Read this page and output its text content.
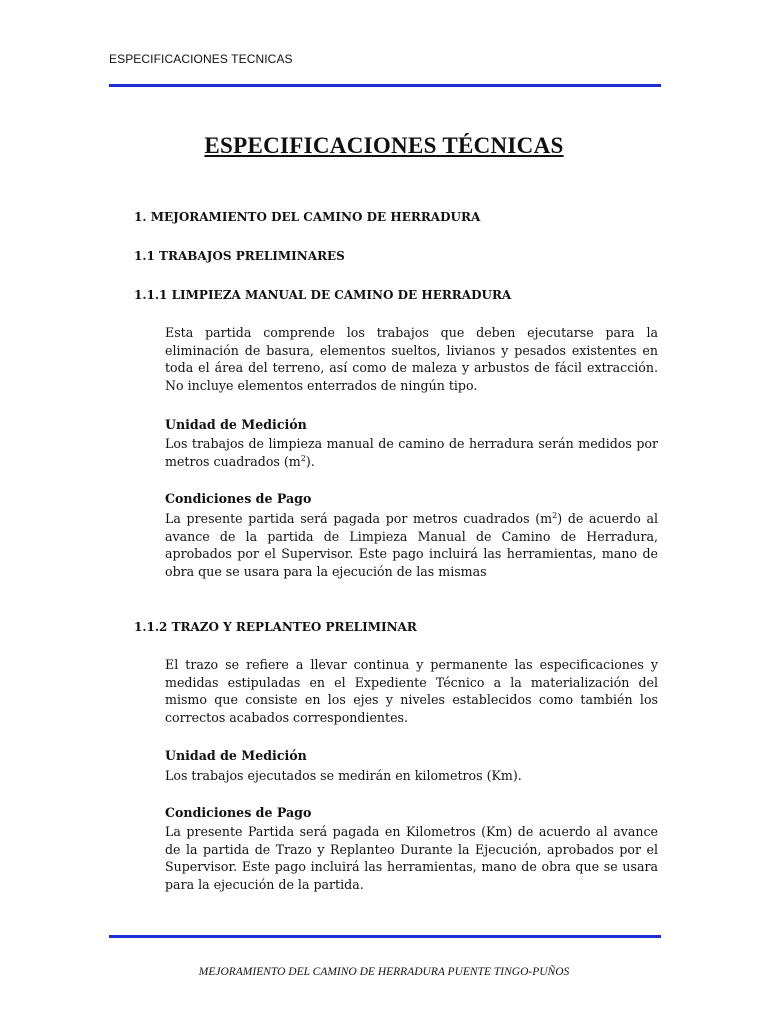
ESPECIFICACIONES TECNICAS
ESPECIFICACIONES TÉCNICAS
1. MEJORAMIENTO DEL CAMINO DE HERRADURA
1.1 TRABAJOS PRELIMINARES
1.1.1 LIMPIEZA MANUAL DE CAMINO DE HERRADURA
Esta partida comprende los trabajos que deben ejecutarse para la eliminación de basura, elementos sueltos, livianos y pesados existentes en toda el área del terreno, así como de maleza y arbustos de fácil extracción. No incluye elementos enterrados de ningún tipo.
Unidad de Medición
Los trabajos de limpieza manual de camino de herradura serán medidos por metros cuadrados $(m^2)$.
Condiciones de Pago
La presente partida será pagada por metros cuadrados $(m^2)$ de acuerdo al avance de la partida de Limpieza Manual de Camino de Herradura, aprobados por el Supervisor. Este pago incluirá las herramientas, mano de obra que se usara para la ejecución de las mismas
1.1.2 TRAZO Y REPLANTEO PRELIMINAR
El trazo se refiere a llevar continua y permanente las especificaciones y medidas estipuladas en el Expediente Técnico a la materialización del mismo que consiste en los ejes y niveles establecidos como también los correctos acabados correspondientes.
Unidad de Medición
Los trabajos ejecutados se medirán en kilometros (Km).
Condiciones de Pago
La presente Partida será pagada en Kilometros (Km) de acuerdo al avance de la partida de Trazo y Replanteo Durante la Ejecución, aprobados por el Supervisor. Este pago incluirá las herramientas, mano de obra que se usara para la ejecución de la partida.
MEJORAMIENTO DEL CAMINO DE HERRADURA PUENTE TINGO-PUÑOS
